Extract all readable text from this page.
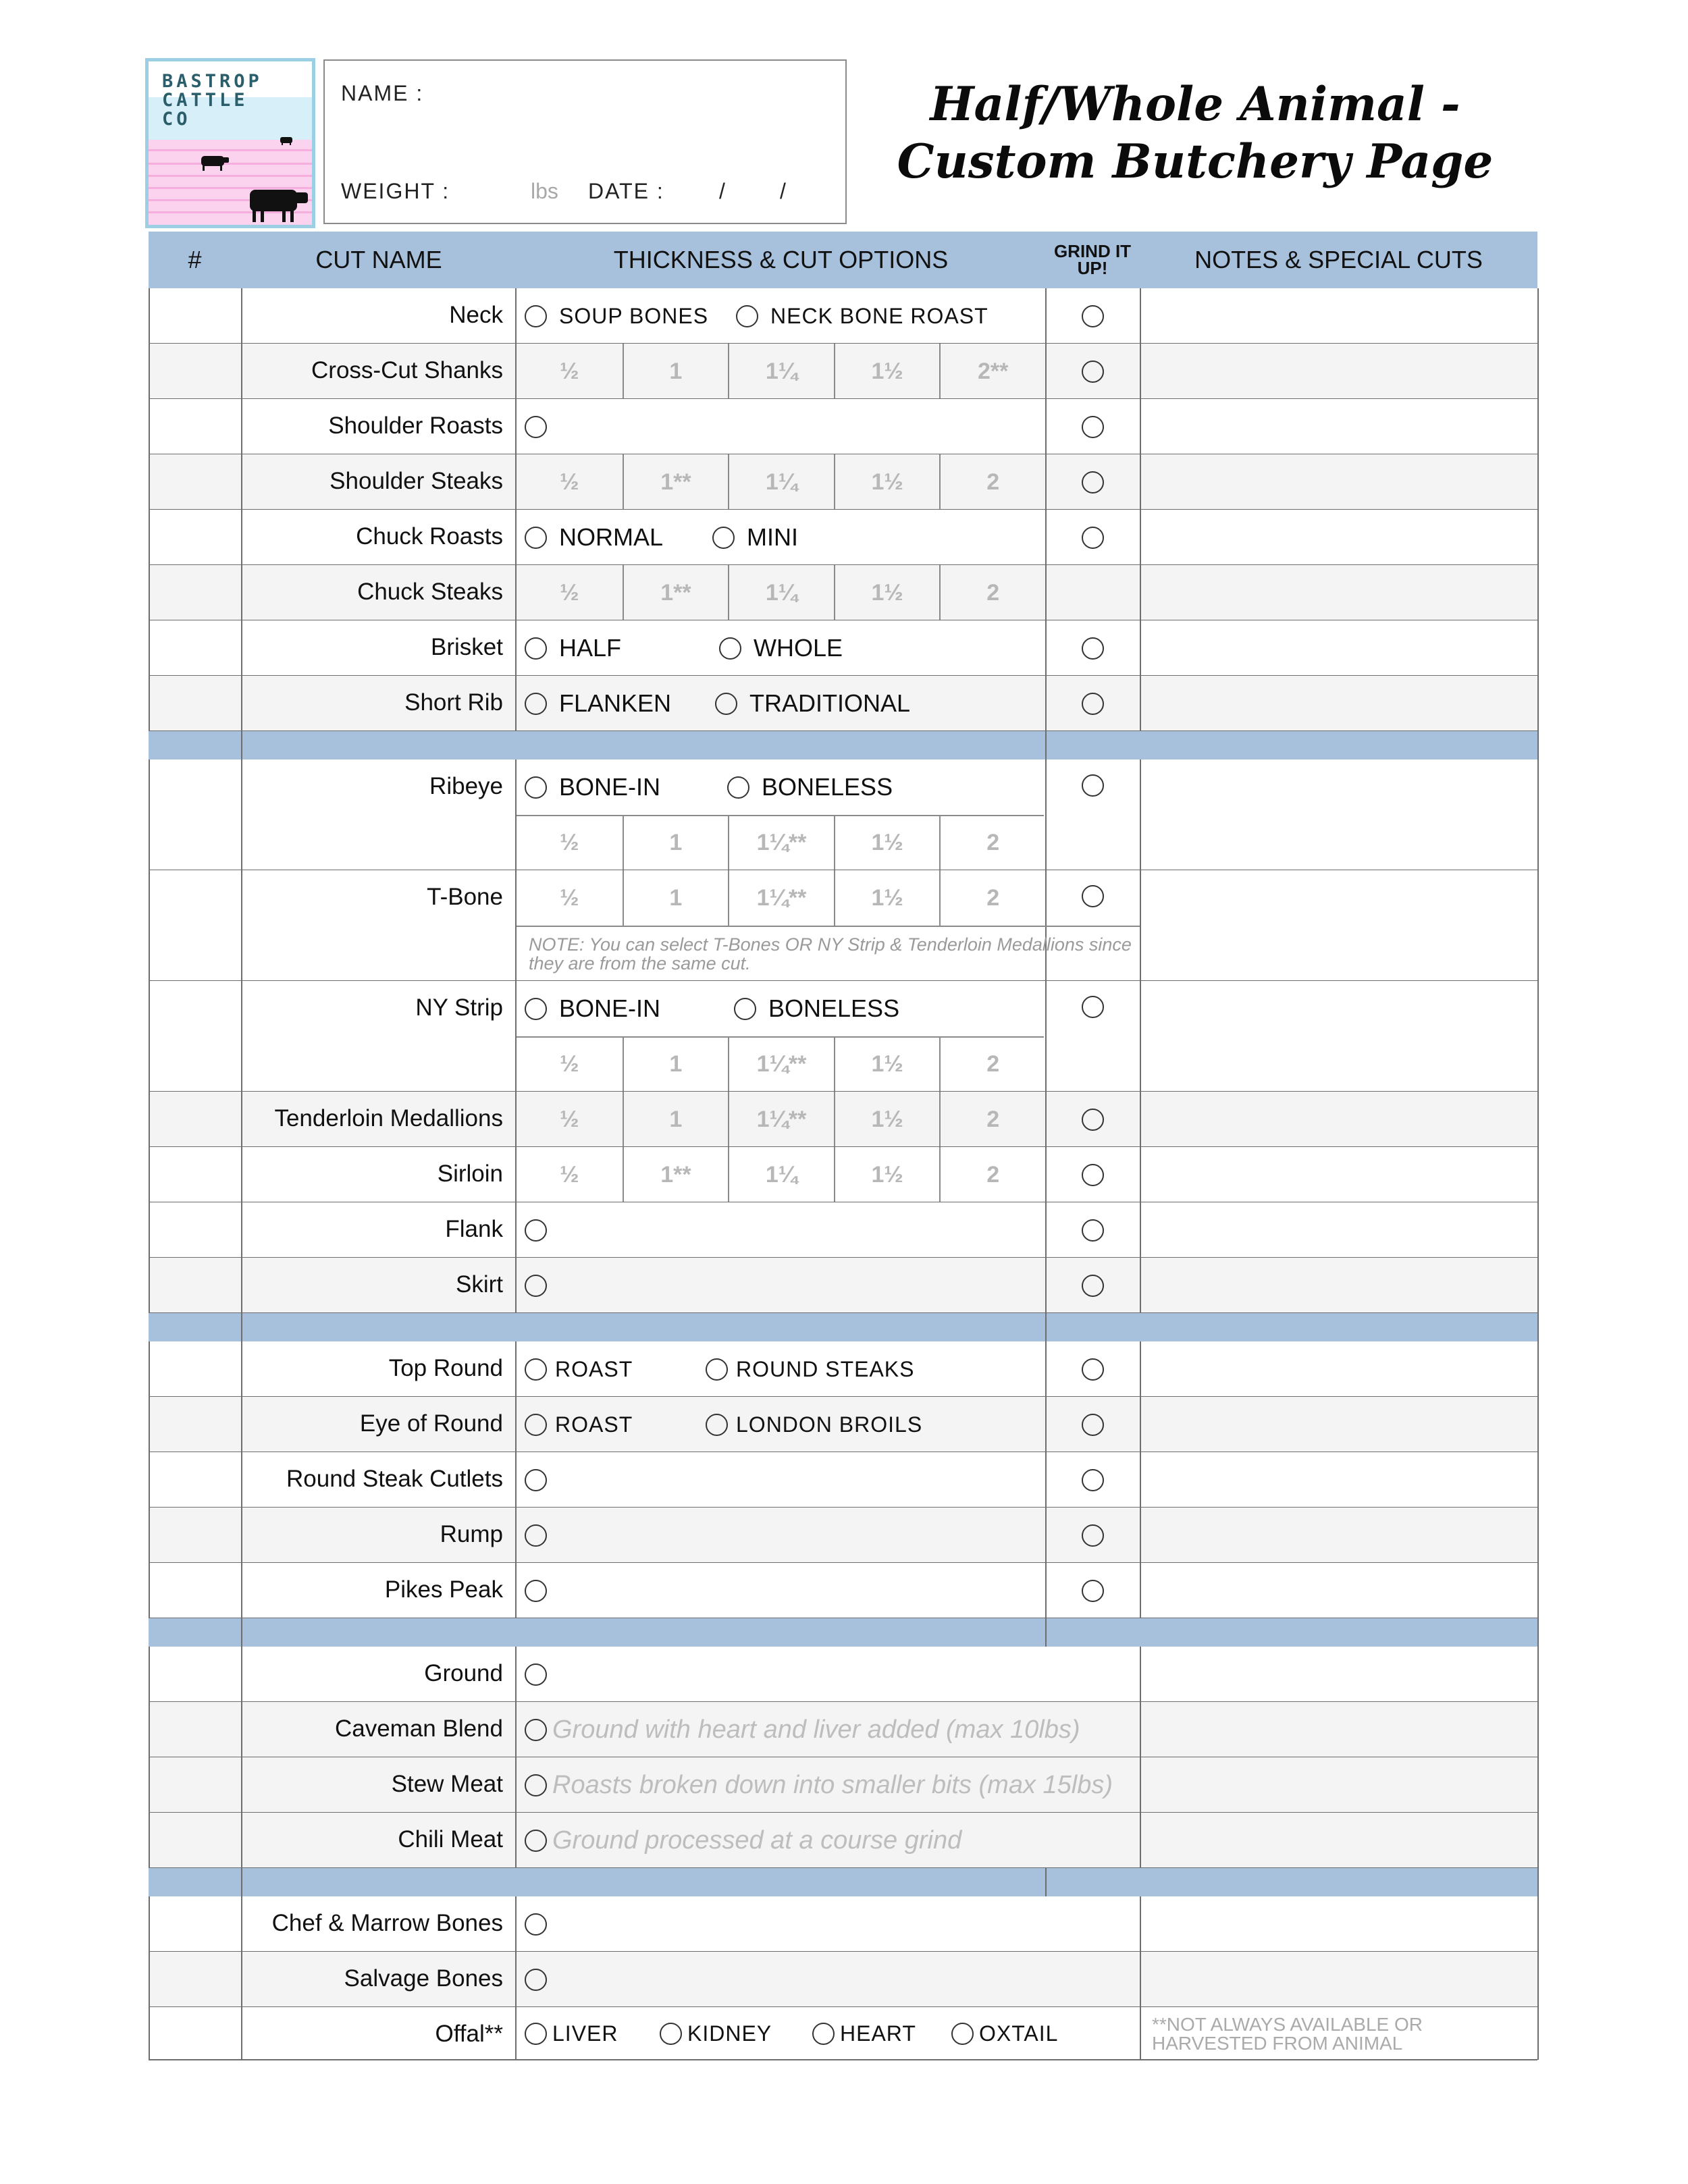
BASTROP
CATTLE
CO
NAME :
WEIGHT :	lbs DATE :	/	/
Half/Whole Animal -
Custom Butchery Page
#	CUT NAME	THICKNESS & CUT OPTIONS	GRIND IT UP!	NOTES & SPECIAL CUTS
Neck	SOUP BONES	NECK BONE ROAST
Cross-Cut Shanks	½	1	1¼	1½	2**
Shoulder Roasts
Shoulder Steaks	½	1**	1¼	1½	2
Chuck Roasts	NORMAL	MINI
Chuck Steaks	½	1**	1¼	1½	2
Brisket	HALF	WHOLE
Short Rib	FLANKEN	TRADITIONAL
Ribeye	BONE-IN	BONELESS
½	1	1¼**	1½	2
T-Bone	½	1	1¼**	1½	2
NOTE: You can select T-Bones OR NY Strip & Tenderloin Medallions since they are from the same cut.
NY Strip	BONE-IN	BONELESS
½	1	1¼**	1½	2
Tenderloin Medallions	½	1	1¼**	1½	2
Sirloin	½	1**	1¼	1½	2
Flank
Skirt
Top Round	ROAST	ROUND STEAKS
Eye of Round	ROAST	LONDON BROILS
Round Steak Cutlets
Rump
Pikes Peak
Ground
Caveman Blend	Ground with heart and liver added (max 10lbs)
Stew Meat	Roasts broken down into smaller bits (max 15lbs)
Chili Meat	Ground processed at a course grind
Chef & Marrow Bones
Salvage Bones
Offal**	LIVER	KIDNEY	HEART	OXTAIL	**NOT ALWAYS AVAILABLE OR HARVESTED FROM ANIMAL
